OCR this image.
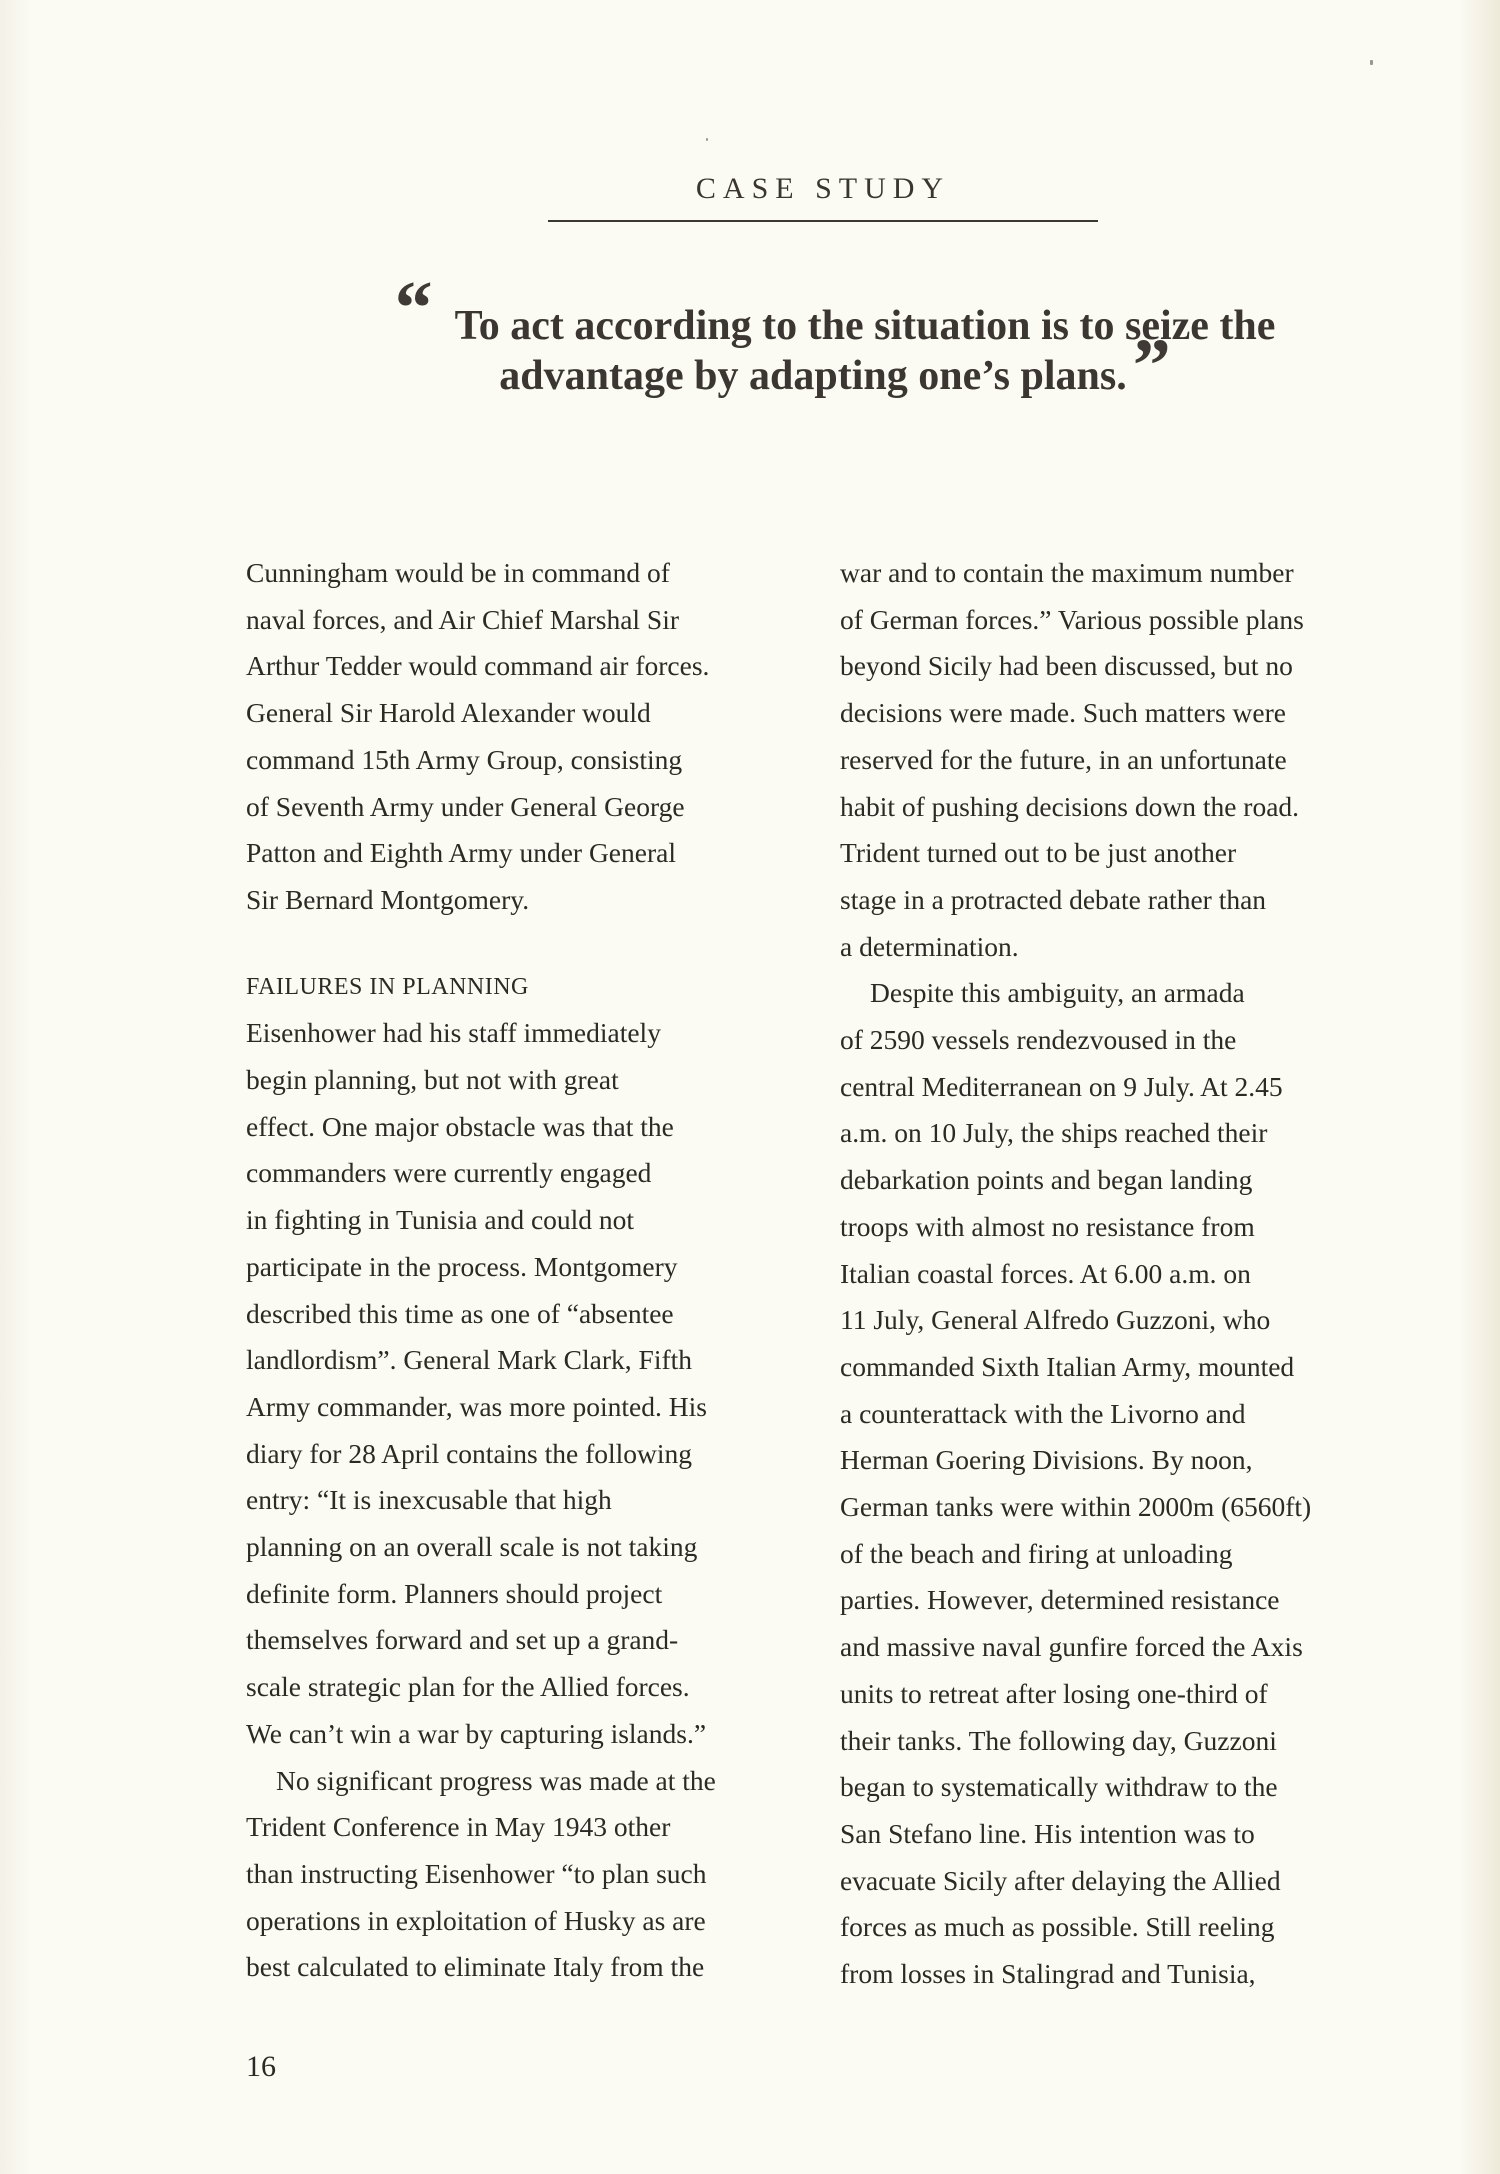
CASE STUDY
“ To act according to the situation is to seize the
advantage by adapting one’s plans.”

Cunningham would be in command of
naval forces, and Air Chief Marshal Sir
Arthur Tedder would command air forces.
General Sir Harold Alexander would
command 15th Army Group, consisting
of Seventh Army under General George
Patton and Eighth Army under General
Sir Bernard Montgomery.

FAILURES IN PLANNING

Eisenhower had his staff immediately
begin planning, but not with great
effect. One major obstacle was that the
commanders were currently engaged
in fighting in Tunisia and could not
participate in the process. Montgomery
described this time as one of “absentee
landlordism”. General Mark Clark, Fifth
Army commander, was more pointed. His
diary for 28 April contains the following
entry: “It is inexcusable that high
planning on an overall scale is not taking
definite form. Planners should project
themselves forward and set up a grand-
scale strategic plan for the Allied forces.
We can’t win a war by capturing islands.”

No significant progress was made at the
Trident Conference in May 1943 other
than instructing Eisenhower “to plan such
operations in exploitation of Husky as are
best calculated to eliminate Italy from the

war and to contain the maximum number
of German forces.” Various possible plans
beyond Sicily had been discussed, but no
decisions were made. Such matters were
reserved for the future, in an unfortunate
habit of pushing decisions down the road.
Trident turned out to be just another
stage in a protracted debate rather than
a determination.

Despite this ambiguity, an armada
of 2590 vessels rendezvoused in the
central Mediterranean on 9 July. At 2.45
a.m. on 10 July, the ships reached their
debarkation points and began landing
troops with almost no resistance from
Italian coastal forces. At 6.00 a.m. on
11 July, General Alfredo Guzzoni, who
commanded Sixth Italian Army, mounted
a counterattack with the Livorno and
Herman Goering Divisions. By noon,
German tanks were within 2000m (6560ft)
of the beach and firing at unloading
parties. However, determined resistance
and massive naval gunfire forced the Axis
units to retreat after losing one-third of
their tanks. The following day, Guzzoni
began to systematically withdraw to the
San Stefano line. His intention was to
evacuate Sicily after delaying the Allied
forces as much as possible. Still reeling
from losses in Stalingrad and Tunisia,

16
